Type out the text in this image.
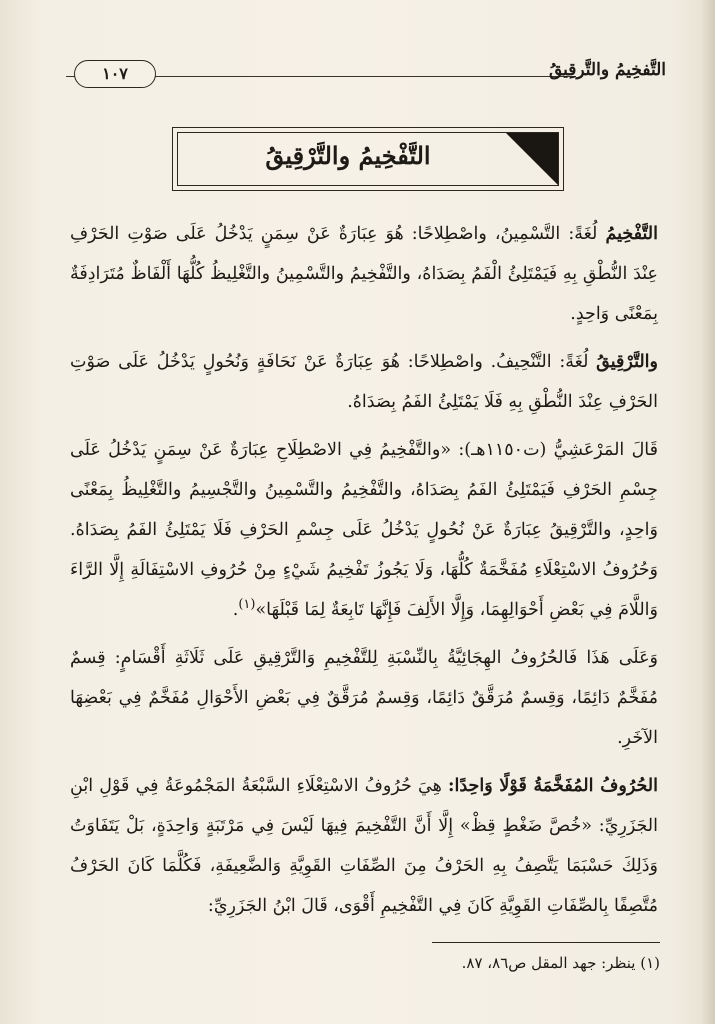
١٠٧	التَّفخِيمُ والتَّرقِيقُ
التَّفْخِيمُ والتَّرْقِيقُ

التَّفْخِيمُ لُغَةً: التَّسْمِينُ، واصْطِلاحًا: هُوَ عِبَارَةٌ عَنْ سِمَنٍ يَدْخُلُ عَلَى صَوْتِ الحَرْفِ عِنْدَ النُّطْقِ بِهِ فَيَمْتَلِئُ الْفَمُ بِصَدَاهُ، والتَّفْخِيمُ والتَّسْمِينُ والتَّغْلِيظُ كُلُّهَا أَلْفَاظٌ مُتَرَادِفَةٌ بِمَعْنًى وَاحِدٍ.

والتَّرْقِيقُ لُغَةً: التَّنْحِيفُ. واصْطِلاحًا: هُوَ عِبَارَةٌ عَنْ نَحَافَةٍ وَنُحُولٍ يَدْخُلُ عَلَى صَوْتِ الحَرْفِ عِنْدَ النُّطْقِ بِهِ فَلَا يَمْتَلِئُ الفَمُ بِصَدَاهُ.

قَالَ المَرْعَشِيُّ (ت١١٥٠هـ): «والتَّفْخِيمُ فِي الاصْطِلَاحِ عِبَارَةٌ عَنْ سِمَنٍ يَدْخُلُ عَلَى جِسْمِ الحَرْفِ فَيَمْتَلِئُ الفَمُ بِصَدَاهُ، والتَّفْخِيمُ والتَّسْمِينُ والتَّجْسِيمُ والتَّغْلِيظُ بِمَعْنًى وَاحِدٍ، والتَّرْقِيقُ عِبَارَةٌ عَنْ نُحُولٍ يَدْخُلُ عَلَى جِسْمِ الحَرْفِ فَلَا يَمْتَلِئُ الفَمُ بِصَدَاهُ. وَحُرُوفُ الاسْتِعْلَاءِ مُفَخَّمَةٌ كُلُّهَا، وَلَا يَجُوزُ تَفْخِيمُ شَيْءٍ مِنْ حُرُوفِ الاسْتِفَالَةِ إِلَّا الرَّاءَ وَاللَّامَ فِي بَعْضِ أَحْوَالِهِمَا، وَإِلَّا الأَلِفَ فَإِنَّهَا تَابِعَةٌ لِمَا قَبْلَهَا»$^{(١)}$.

وَعَلَى هَذَا فَالحُرُوفُ الهِجَائِيَّةُ بِالنِّسْبَةِ لِلتَّفْخِيمِ وَالتَّرْقِيقِ عَلَى ثَلَاثَةِ أَقْسَامٍ: قِسمٌ مُفَخَّمٌ دَائِمًا، وَقِسمٌ مُرَقَّقٌ دَائِمًا، وَقِسمٌ مُرَقَّقٌ فِي بَعْضِ الأَحْوَالِ مُفَخَّمٌ فِي بَعْضِهَا الآخَرِ.

الحُرُوفُ المُفَخَّمَةُ قَوْلًا وَاحِدًا: هِيَ حُرُوفُ الاسْتِعْلَاءِ السَّبْعَةُ المَجْمُوعَةُ فِي قَوْلِ ابْنِ الجَزَرِيِّ: «خُصَّ ضَغْطٍ قِظْ» إِلَّا أَنَّ التَّفْخِيمَ فِيهَا لَيْسَ فِي مَرْتَبَةٍ وَاحِدَةٍ، بَلْ يَتَفَاوَتُ وَذَلِكَ حَسْبَمَا يَتَّصِفُ بِهِ الحَرْفُ مِنَ الصِّفَاتِ القَوِيَّةِ وَالضَّعِيفَةِ، فَكُلَّمَا كَانَ الحَرْفُ مُتَّصِفًا بِالصِّفَاتِ القَوِيَّةِ كَانَ فِي التَّفْخِيمِ أَقْوَى، قَالَ ابْنُ الجَزَرِيِّ:

(١) ينظر: جهد المقل ص٨٦، ٨٧.
